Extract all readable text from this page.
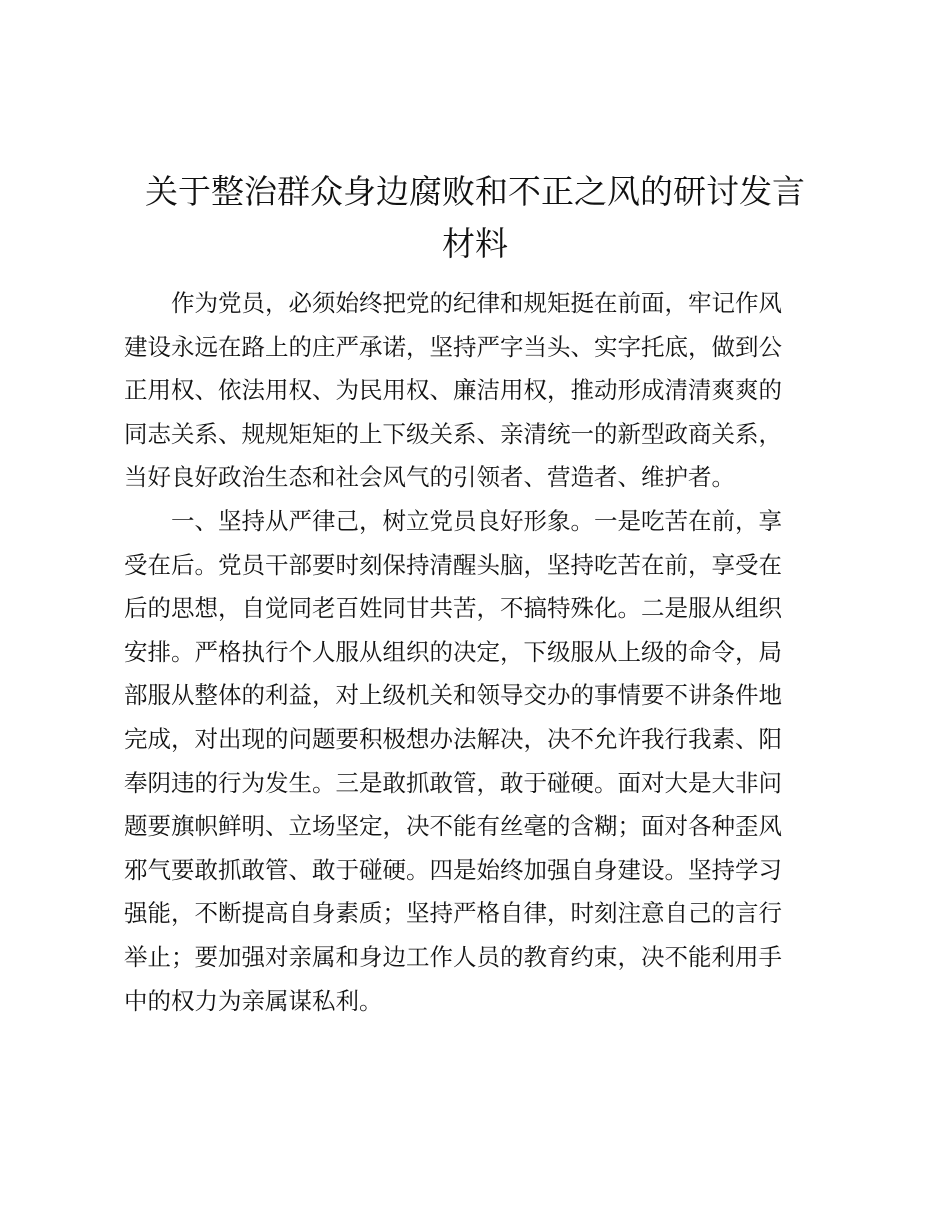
关于整治群众身边腐败和不正之风的研讨发言
材料

作为党员，必须始终把党的纪律和规矩挺在前面，牢记作风
建设永远在路上的庄严承诺，坚持严字当头、实字托底，做到公
正用权、依法用权、为民用权、廉洁用权，推动形成清清爽爽的
同志关系、规规矩矩的上下级关系、亲清统一的新型政商关系，
当好良好政治生态和社会风气的引领者、营造者、维护者。

一、坚持从严律己，树立党员良好形象。一是吃苦在前，享
受在后。党员干部要时刻保持清醒头脑，坚持吃苦在前，享受在
后的思想，自觉同老百姓同甘共苦，不搞特殊化。二是服从组织
安排。严格执行个人服从组织的决定，下级服从上级的命令，局
部服从整体的利益，对上级机关和领导交办的事情要不讲条件地
完成，对出现的问题要积极想办法解决，决不允许我行我素、阳
奉阴违的行为发生。三是敢抓敢管，敢于碰硬。面对大是大非问
题要旗帜鲜明、立场坚定，决不能有丝毫的含糊；面对各种歪风
邪气要敢抓敢管、敢于碰硬。四是始终加强自身建设。坚持学习
强能，不断提高自身素质；坚持严格自律，时刻注意自己的言行
举止；要加强对亲属和身边工作人员的教育约束，决不能利用手
中的权力为亲属谋私利。
